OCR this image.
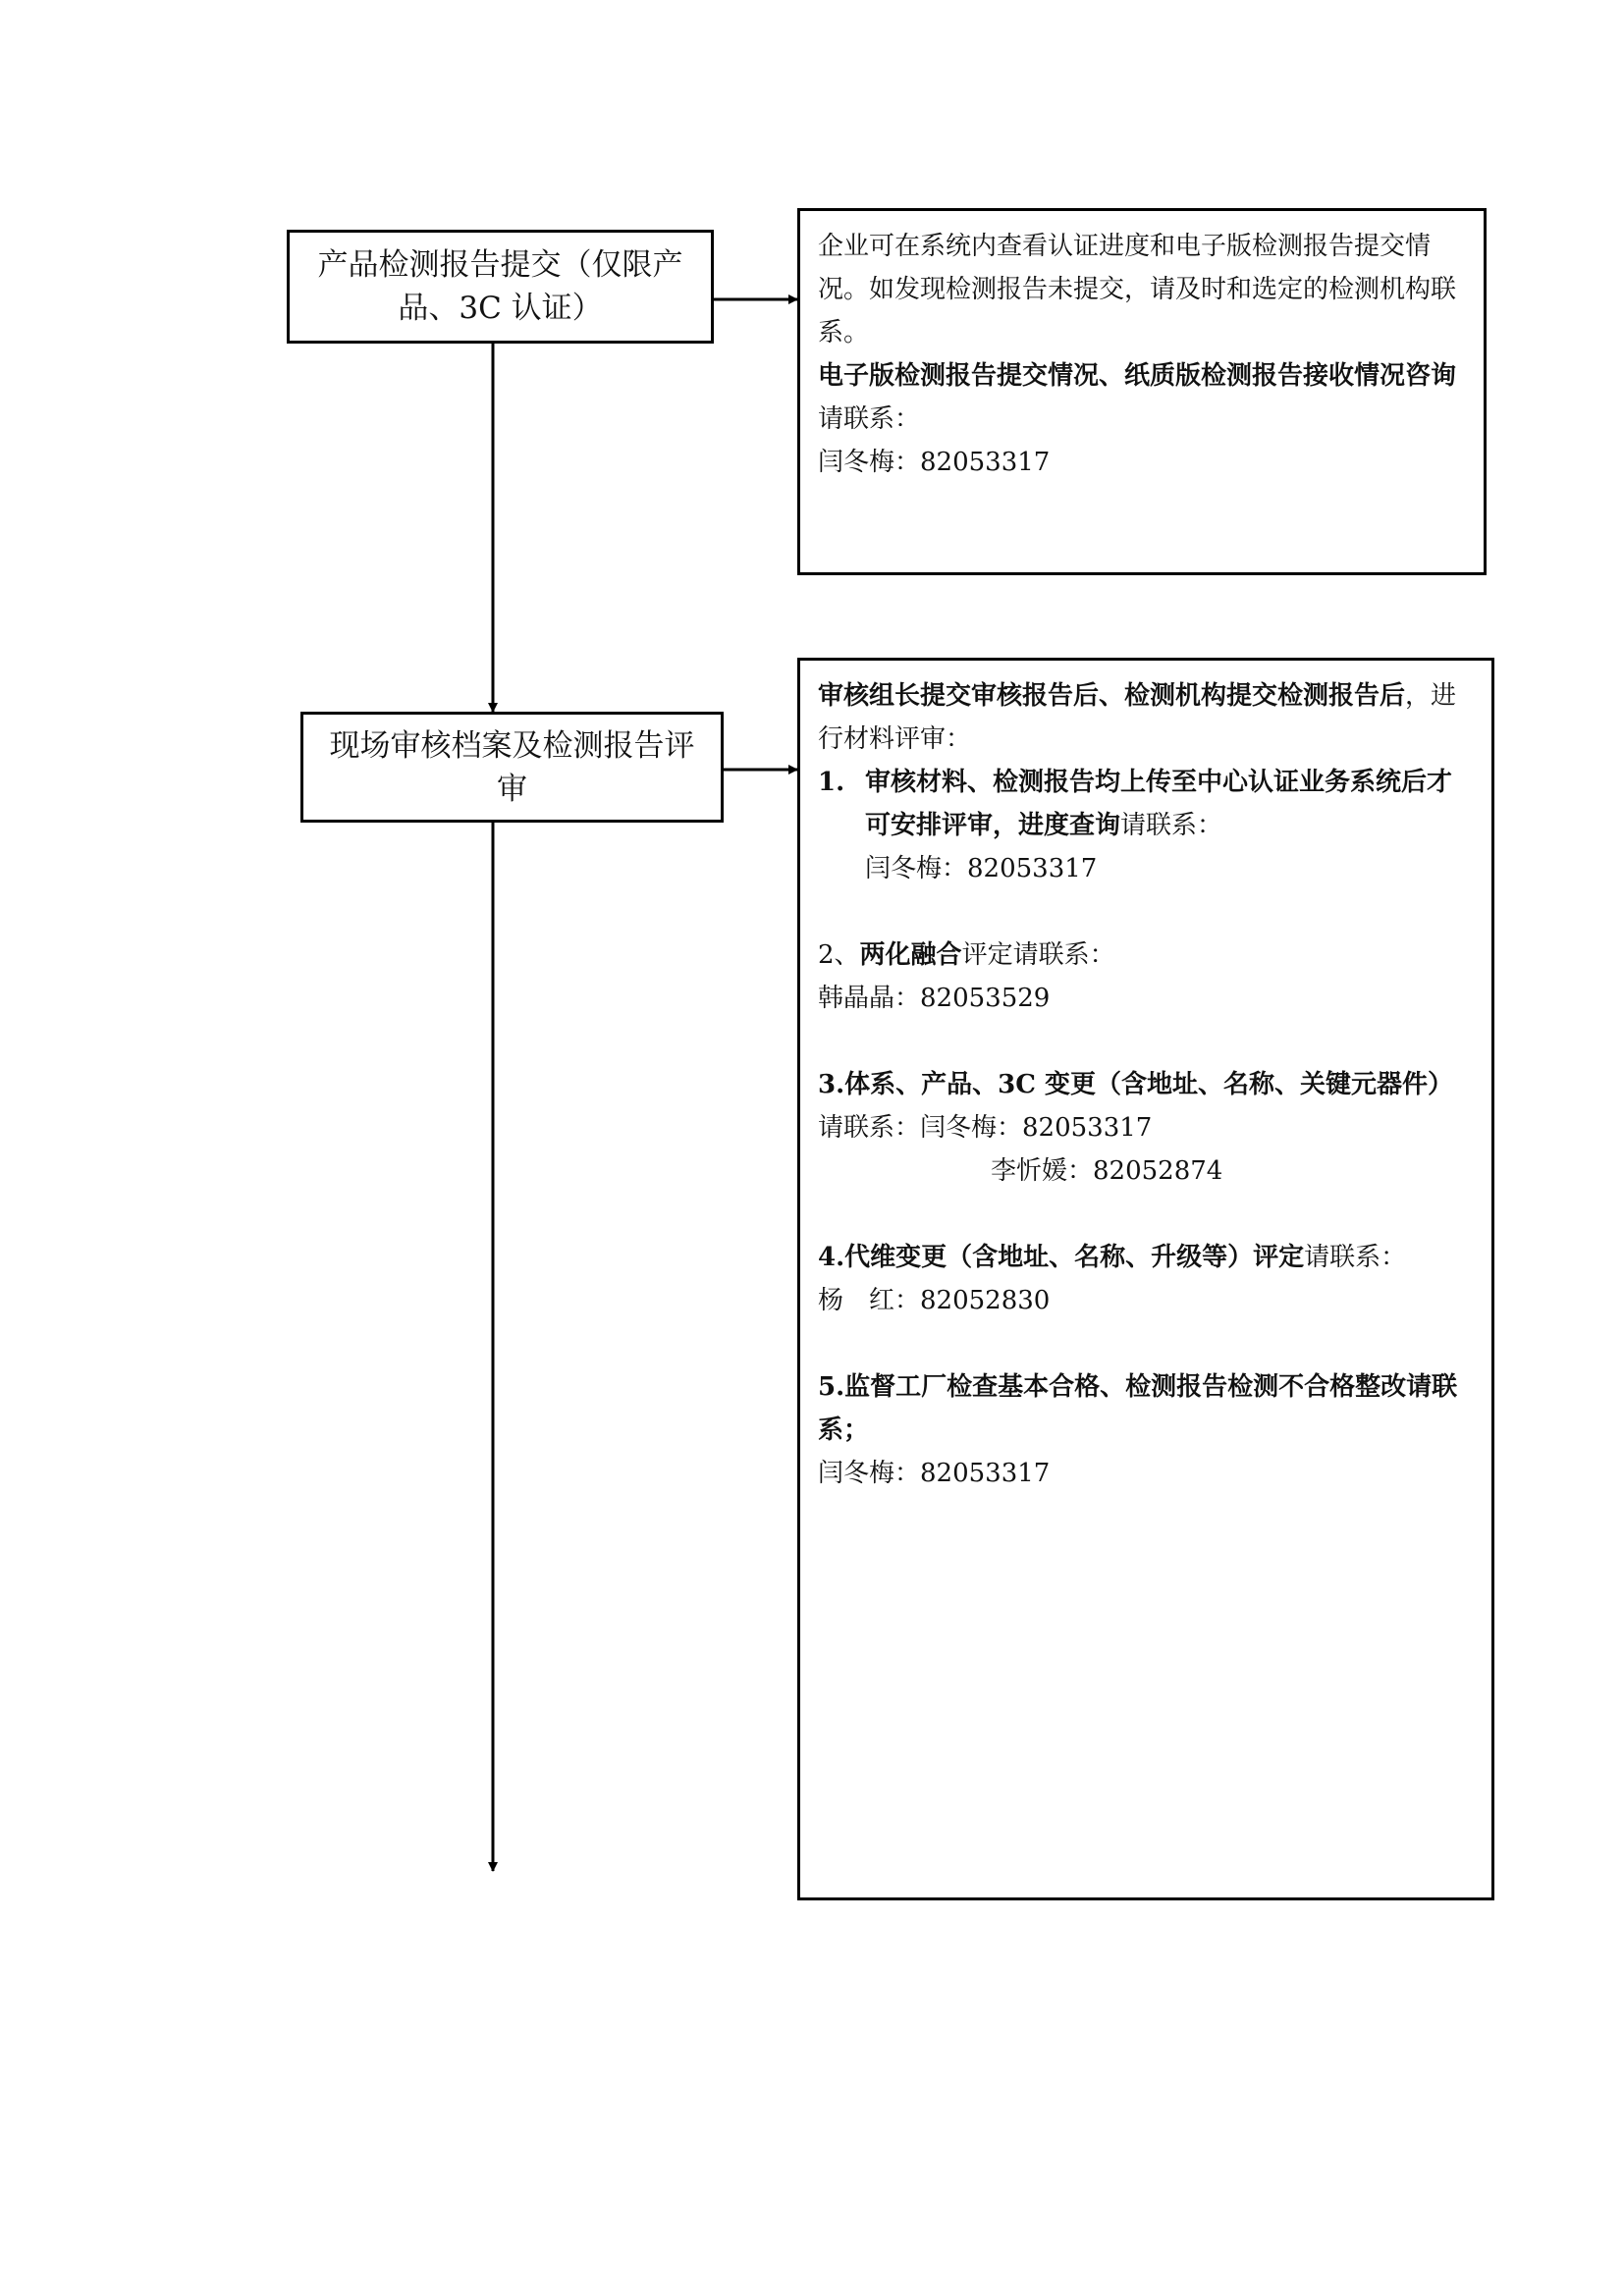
产品检测报告提交（仅限产品、3C 认证）

企业可在系统内查看认证进度和电子版检测报告提交情况。如发现检测报告未提交，请及时和选定的检测机构联系。

电子版检测报告提交情况、纸质版检测报告接收情况咨询请联系：

闫冬梅：82053317

现场审核档案及检测报告评审

审核组长提交审核报告后、检测机构提交检测报告后，进行材料评审：

1. 审核材料、检测报告均上传至中心认证业务系统后才可安排评审，进度查询请联系：

闫冬梅：82053317

2、两化融合评定请联系：

韩晶晶：82053529

3.体系、产品、3C 变更（含地址、名称、关键元器件）请联系：闫冬梅：82053317

李忻媛：82052874

4.代维变更（含地址、名称、升级等）评定请联系：

杨　红：82052830

5.监督工厂检查基本合格、检测报告检测不合格整改请联系；

闫冬梅：82053317
